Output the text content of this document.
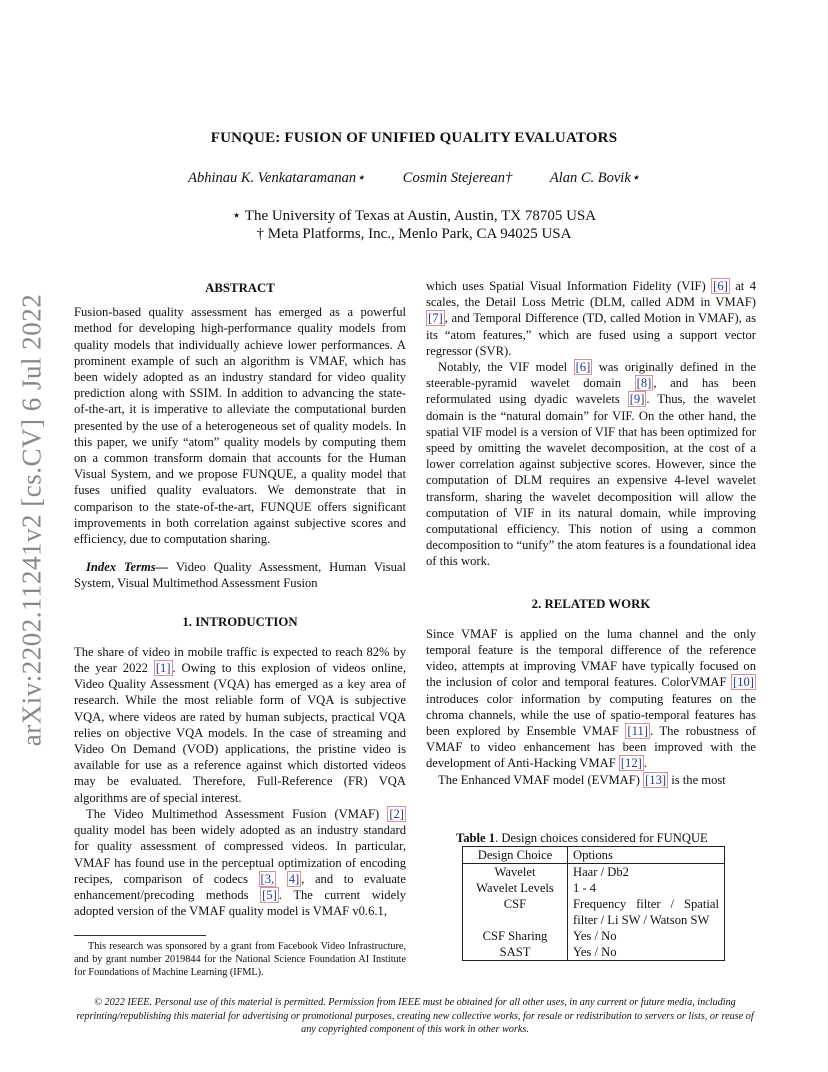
FUNQUE: FUSION OF UNIFIED QUALITY EVALUATORS
Abhinau K. Venkataramanan⋆	Cosmin Stejerean†	Alan C. Bovik⋆
⋆ The University of Texas at Austin, Austin, TX 78705 USA
† Meta Platforms, Inc., Menlo Park, CA 94025 USA
arXiv:2202.11241v2 [cs.CV] 6 Jul 2022
ABSTRACT

Fusion-based quality assessment has emerged as a powerful method for developing high-performance quality models from quality models that individually achieve lower performances. A prominent example of such an algorithm is VMAF, which has been widely adopted as an industry standard for video quality prediction along with SSIM. In addition to advancing the state-of-the-art, it is imperative to alleviate the computational burden presented by the use of a heterogeneous set of quality models. In this paper, we unify “atom” quality models by computing them on a common transform domain that accounts for the Human Visual System, and we propose FUNQUE, a quality model that fuses unified quality evaluators. We demonstrate that in comparison to the state-of-the-art, FUNQUE offers significant improvements in both correlation against subjective scores and efficiency, due to computation sharing.

Index Terms— Video Quality Assessment, Human Visual System, Visual Multimethod Assessment Fusion

1. INTRODUCTION

The share of video in mobile traffic is expected to reach 82% by the year 2022 [1] . Owing to this explosion of videos online, Video Quality Assessment (VQA) has emerged as a key area of research. While the most reliable form of VQA is subjective VQA, where videos are rated by human subjects, practical VQA relies on objective VQA models. In the case of streaming and Video On Demand (VOD) applications, the pristine video is available for use as a reference against which distorted videos may be evaluated. Therefore, Full-Reference (FR) VQA algorithms are of special interest.

The Video Multimethod Assessment Fusion (VMAF) [2] quality model has been widely adopted as an industry standard for quality assessment of compressed videos. In particular, VMAF has found use in the perceptual optimization of encoding recipes, comparison of codecs [3, 4] , and to evaluate enhancement/precoding methods [5] . The current widely adopted version of the VMAF quality model is VMAF v0.6.1,

This research was sponsored by a grant from Facebook Video Infrastructure, and by grant number 2019844 for the National Science Foundation AI Institute for Foundations of Machine Learning (IFML).

which uses Spatial Visual Information Fidelity (VIF) [6] at 4 scales, the Detail Loss Metric (DLM, called ADM in VMAF) [7] , and Temporal Difference (TD, called Motion in VMAF), as its “atom features,” which are fused using a support vector regressor (SVR).

Notably, the VIF model [6] was originally defined in the steerable-pyramid wavelet domain [8] , and has been reformulated using dyadic wavelets [9] . Thus, the wavelet domain is the “natural domain” for VIF. On the other hand, the spatial VIF model is a version of VIF that has been optimized for speed by omitting the wavelet decomposition, at the cost of a lower correlation against subjective scores. However, since the computation of DLM requires an expensive 4-level wavelet transform, sharing the wavelet decomposition will allow the computation of VIF in its natural domain, while improving computational efficiency. This notion of using a common decomposition to “unify” the atom features is a foundational idea of this work.

2. RELATED WORK

Since VMAF is applied on the luma channel and the only temporal feature is the temporal difference of the reference video, attempts at improving VMAF have typically focused on the inclusion of color and temporal features. ColorVMAF [10] introduces color information by computing features on the chroma channels, while the use of spatio-temporal features has been explored by Ensemble VMAF [11] . The robustness of VMAF to video enhancement has been improved with the development of Anti-Hacking VMAF [12] .

The Enhanced VMAF model (EVMAF) [13] is the most

Table 1. Design choices considered for FUNQUE
Design Choice	Options
Wavelet	Haar / Db2
Wavelet Levels	1 - 4
CSF	Frequency filter / Spatial filter / Li SW / Watson SW
CSF Sharing	Yes / No
SAST	Yes / No
© 2022 IEEE. Personal use of this material is permitted. Permission from IEEE must be obtained for all other uses, in any current or future media, including reprinting/republishing this material for advertising or promotional purposes, creating new collective works, for resale or redistribution to servers or lists, or reuse of any copyrighted component of this work in other works.
